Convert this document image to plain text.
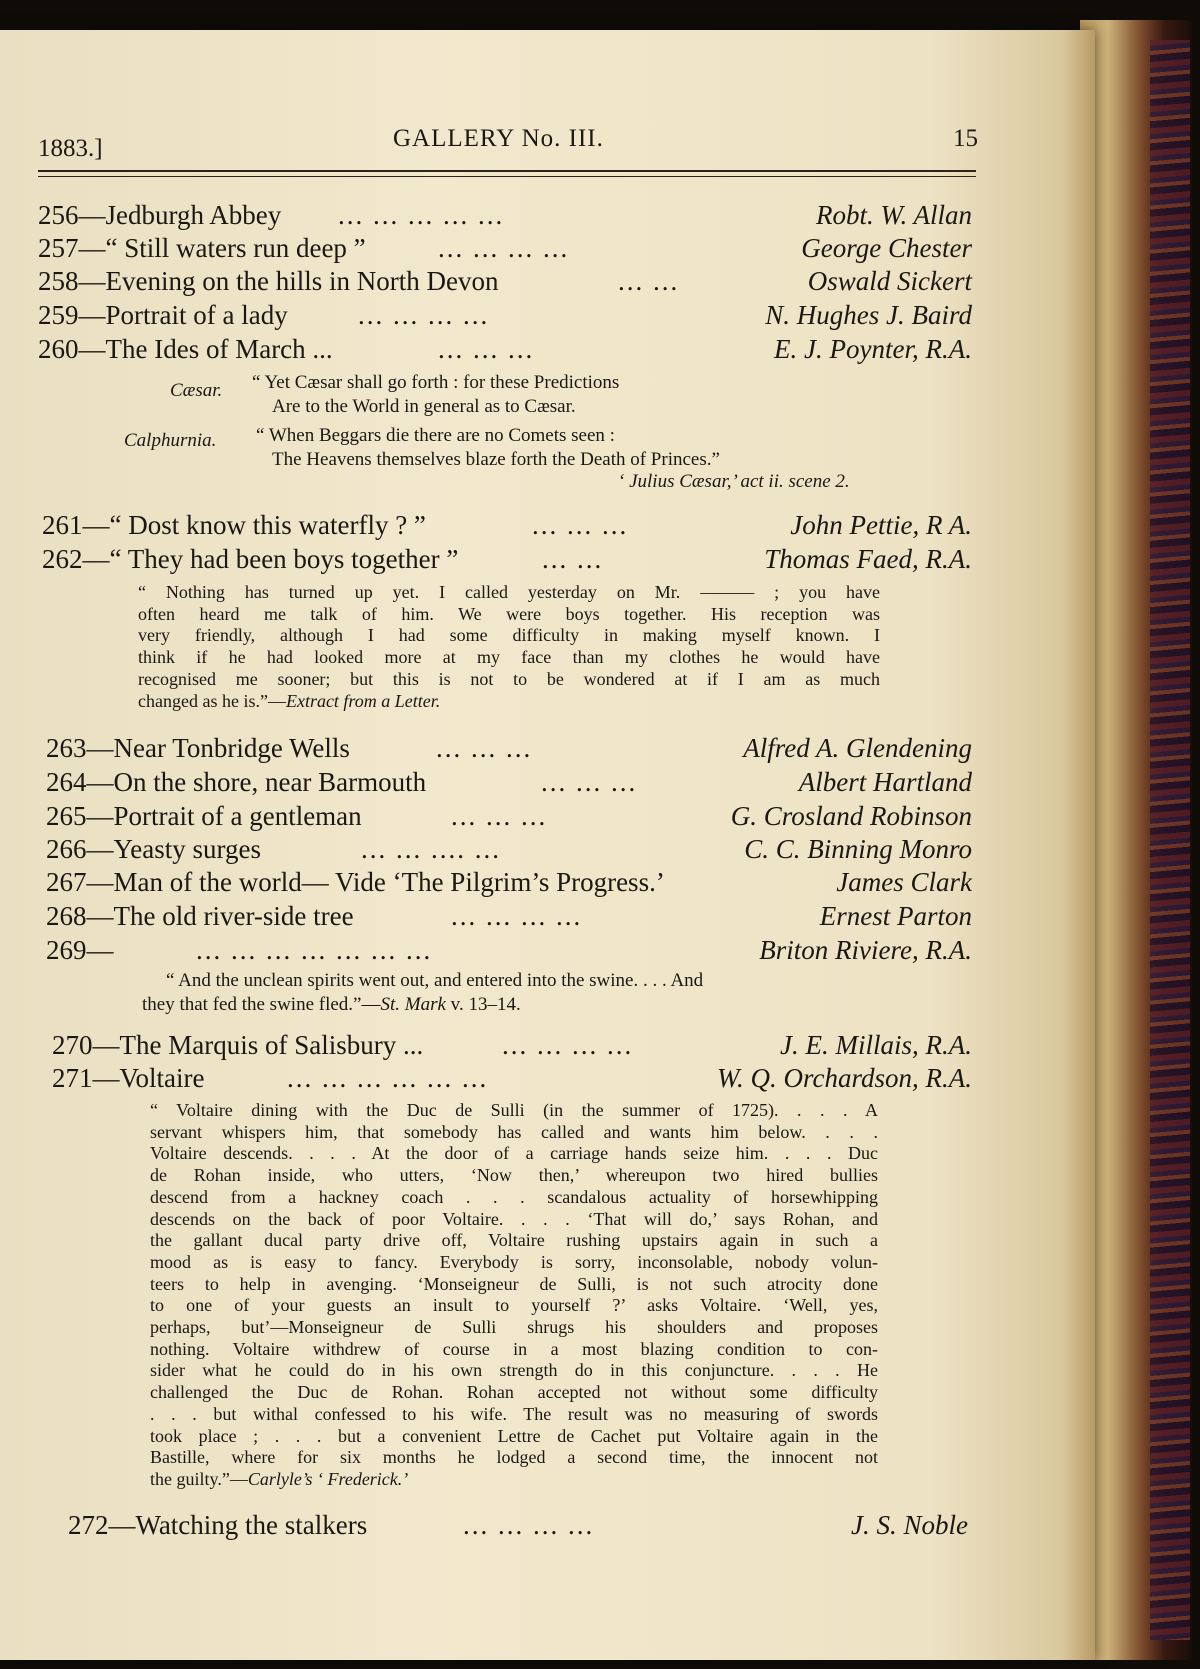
1883.]	GALLERY No. III.	15
256—Jedburgh Abbey ... ... ... ... ...	Robt. W. Allan
257—“ Still waters run deep ”	... ... ... ...	George Chester
258—Evening on the hills in North Devon	... ...	Oswald Sickert
259—Portrait of a lady	... ... ... ...	N. Hughes J. Baird
260—The Ides of March ...	... ... ...	E. J. Poynter, R.A.
Cæsar. “ Yet Cæsar shall go forth : for these Predictions
Are to the World in general as to Cæsar.
Calphurnia. “ When Beggars die there are no Comets seen :
The Heavens themselves blaze forth the Death of Princes.”
‘ Julius Cæsar,’ act ii. scene 2.
261—“ Dost know this waterfly ? ”	... ... ...	John Pettie, R A.
262—“ They had been boys together ”	... ...	Thomas Faed, R.A.
“ Nothing has turned up yet. I called yesterday on Mr. ——— ; you have
often heard me talk of him. We were boys together. His reception was
very friendly, although I had some difficulty in making myself known. I
think if he had looked more at my face than my clothes he would have
recognised me sooner; but this is not to be wondered at if I am as much
changed as he is.”—Extract from a Letter.
263—Near Tonbridge Wells	... ... ...	Alfred A. Glendening
264—On the shore, near Barmouth	... ... ...	Albert Hartland
265—Portrait of a gentleman	... ... ...	G. Crosland Robinson
266—Yeasty surges	... ... .... ...	C. C. Binning Monro
267—Man of the world— Vide ‘The Pilgrim’s Progress.’	James Clark
268—The old river-side tree	... ... ... ...	Ernest Parton
269—	... ... ... ... ... ... ...	Briton Riviere, R.A.
“ And the unclean spirits went out, and entered into the swine. . . . And
they that fed the swine fled.”—St. Mark v. 13–14.
270—The Marquis of Salisbury ...	... ... ... ...	J. E. Millais, R.A.
271—Voltaire	... ... ... ... ... ...	W. Q. Orchardson, R.A.
“ Voltaire dining with the Duc de Sulli (in the summer of 1725). . . . A
servant whispers him, that somebody has called and wants him below. . . .
Voltaire descends. . . . At the door of a carriage hands seize him. . . . Duc
de Rohan inside, who utters, ‘Now then,’ whereupon two hired bullies
descend from a hackney coach . . . scandalous actuality of horsewhipping
descends on the back of poor Voltaire. . . . ‘That will do,’ says Rohan, and
the gallant ducal party drive off, Voltaire rushing upstairs again in such a
mood as is easy to fancy. Everybody is sorry, inconsolable, nobody volun-
teers to help in avenging. ‘Monseigneur de Sulli, is not such atrocity done
to one of your guests an insult to yourself ?’ asks Voltaire. ‘Well, yes,
perhaps, but’—Monseigneur de Sulli shrugs his shoulders and proposes
nothing. Voltaire withdrew of course in a most blazing condition to con-
sider what he could do in his own strength do in this conjuncture. . . . He
challenged the Duc de Rohan. Rohan accepted not without some difficulty
. . . but withal confessed to his wife. The result was no measuring of swords
took place ; . . . but a convenient Lettre de Cachet put Voltaire again in the
Bastille, where for six months he lodged a second time, the innocent not
the guilty.”—Carlyle’s ‘ Frederick.’
272—Watching the stalkers	... ... ... ...	J. S. Noble
